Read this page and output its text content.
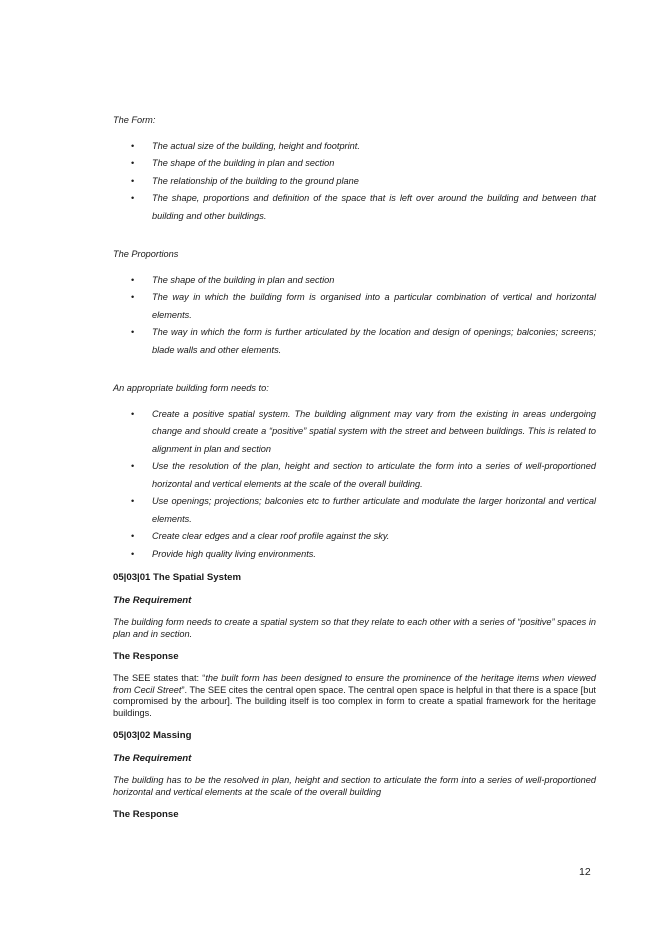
The Form:

• The actual size of the building, height and footprint.
• The shape of the building in plan and section
• The relationship of the building to the ground plane
• The shape, proportions and definition of the space that is left over around the building and between that building and other buildings.

The Proportions

• The shape of the building in plan and section
• The way in which the building form is organised into a particular combination of vertical and horizontal elements.
• The way in which the form is further articulated by the location and design of openings; balconies; screens; blade walls and other elements.

An appropriate building form needs to:

• Create a positive spatial system. The building alignment may vary from the existing in areas undergoing change and should create a “positive” spatial system with the street and between buildings. This is related to alignment in plan and section
• Use the resolution of the plan, height and section to articulate the form into a series of well-proportioned horizontal and vertical elements at the scale of the overall building.
• Use openings; projections; balconies etc to further articulate and modulate the larger horizontal and vertical elements.
• Create clear edges and a clear roof profile against the sky.
• Provide high quality living environments.
05|03|01 The Spatial System
The Requirement

The building form needs to create a spatial system so that they relate to each other with a series of “positive” spaces in plan and in section.

The Response

The SEE states that: “the built form has been designed to ensure the prominence of the heritage items when viewed from Cecil Street”. The SEE cites the central open space. The central open space is helpful in that there is a space [but compromised by the arbour]. The building itself is too complex in form to create a spatial framework for the heritage buildings.

05|03|02 Massing
The Requirement

The building has to be the resolved in plan, height and section to articulate the form into a series of well-proportioned horizontal and vertical elements at the scale of the overall building

The Response
12
